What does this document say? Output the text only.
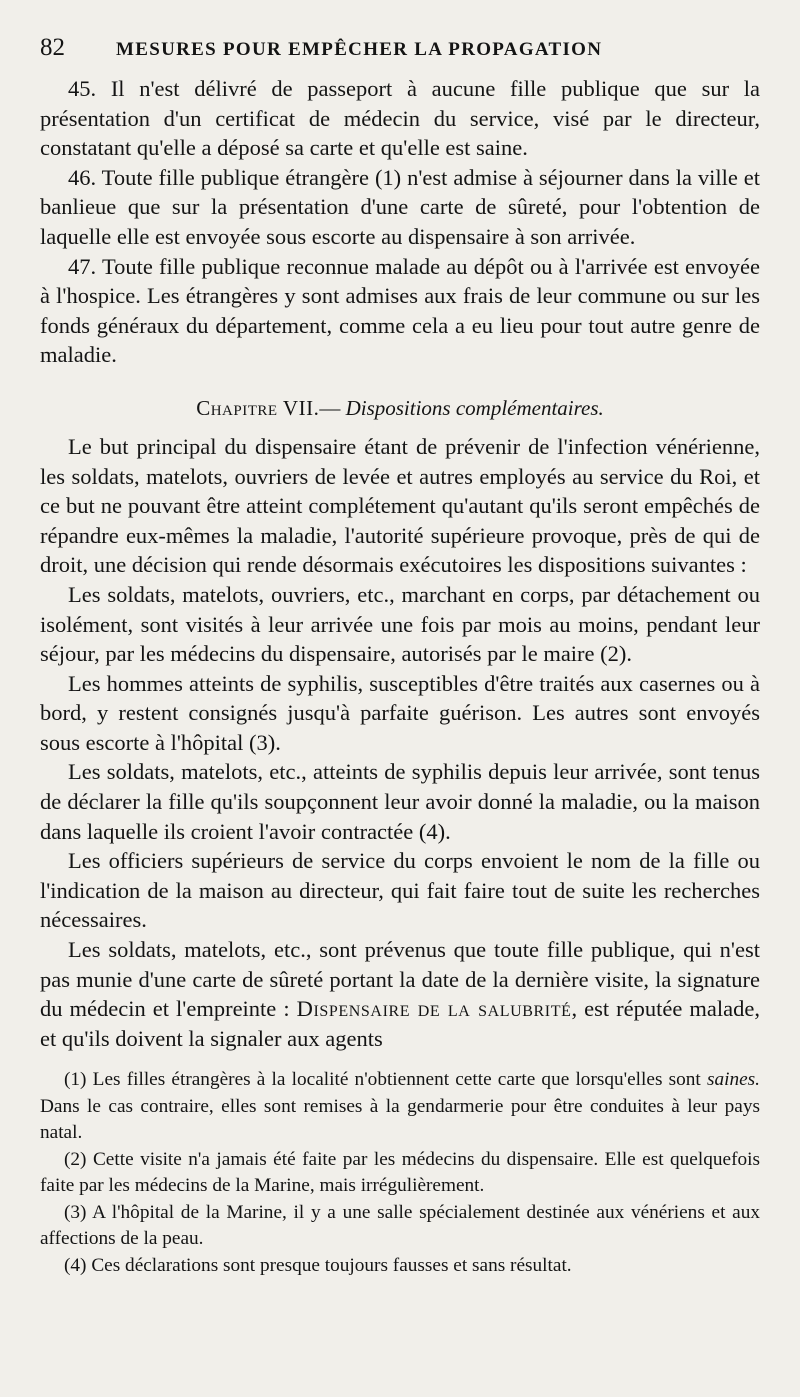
82	MESURES POUR EMPÊCHER LA PROPAGATION

45. Il n'est délivré de passeport à aucune fille publique que sur la présentation d'un certificat de médecin du service, visé par le directeur, constatant qu'elle a déposé sa carte et qu'elle est saine.

46. Toute fille publique étrangère (1) n'est admise à séjourner dans la ville et banlieue que sur la présentation d'une carte de sûreté, pour l'obtention de laquelle elle est envoyée sous escorte au dispensaire à son arrivée.

47. Toute fille publique reconnue malade au dépôt ou à l'arrivée est envoyée à l'hospice. Les étrangères y sont admises aux frais de leur commune ou sur les fonds généraux du département, comme cela a eu lieu pour tout autre genre de maladie.

Chapitre VII.— Dispositions complémentaires.

Le but principal du dispensaire étant de prévenir de l'infection vénérienne, les soldats, matelots, ouvriers de levée et autres employés au service du Roi, et ce but ne pouvant être atteint complétement qu'autant qu'ils seront empêchés de répandre eux-mêmes la maladie, l'autorité supérieure provoque, près de qui de droit, une décision qui rende désormais exécutoires les dispositions suivantes :

Les soldats, matelots, ouvriers, etc., marchant en corps, par détachement ou isolément, sont visités à leur arrivée une fois par mois au moins, pendant leur séjour, par les médecins du dispensaire, autorisés par le maire (2).

Les hommes atteints de syphilis, susceptibles d'être traités aux casernes ou à bord, y restent consignés jusqu'à parfaite guérison. Les autres sont envoyés sous escorte à l'hôpital (3).

Les soldats, matelots, etc., atteints de syphilis depuis leur arrivée, sont tenus de déclarer la fille qu'ils soupçonnent leur avoir donné la maladie, ou la maison dans laquelle ils croient l'avoir contractée (4).

Les officiers supérieurs de service du corps envoient le nom de la fille ou l'indication de la maison au directeur, qui fait faire tout de suite les recherches nécessaires.

Les soldats, matelots, etc., sont prévenus que toute fille publique, qui n'est pas munie d'une carte de sûreté portant la date de la dernière visite, la signature du médecin et l'empreinte : Dispensaire de la salubrité, est réputée malade, et qu'ils doivent la signaler aux agents

(1) Les filles étrangères à la localité n'obtiennent cette carte que lorsqu'elles sont saines. Dans le cas contraire, elles sont remises à la gendarmerie pour être conduites à leur pays natal.

(2) Cette visite n'a jamais été faite par les médecins du dispensaire. Elle est quelquefois faite par les médecins de la Marine, mais irrégulièrement.

(3) A l'hôpital de la Marine, il y a une salle spécialement destinée aux vénériens et aux affections de la peau.

(4) Ces déclarations sont presque toujours fausses et sans résultat.
